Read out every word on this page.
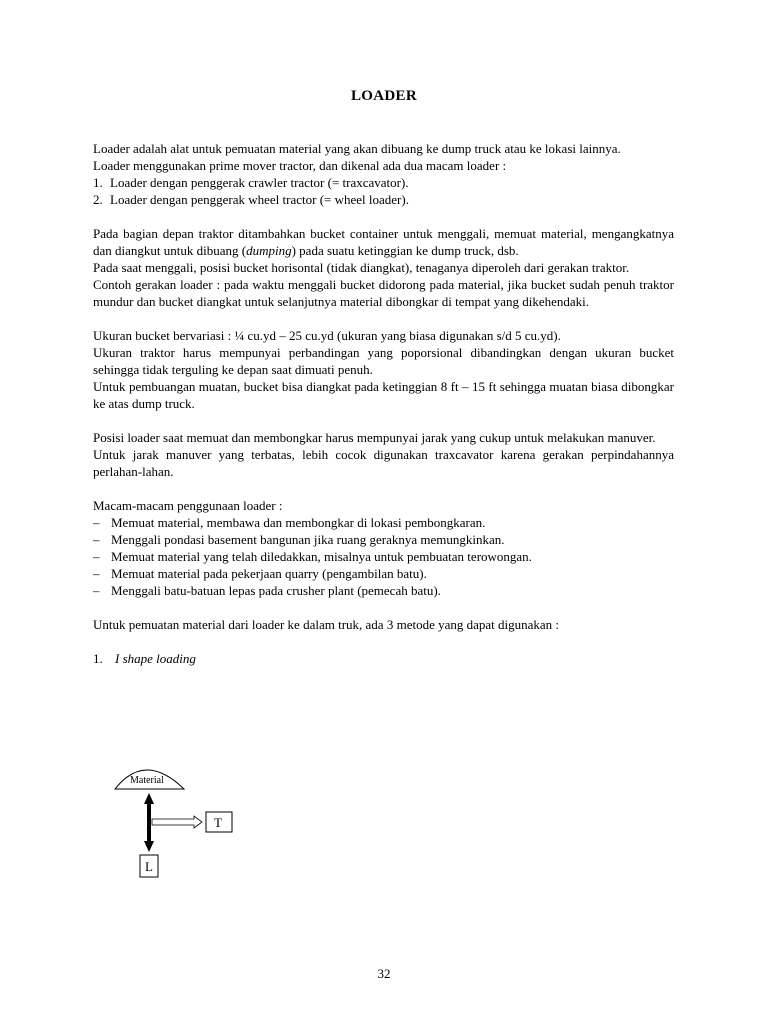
LOADER

Loader adalah alat untuk pemuatan material yang akan dibuang ke dump truck atau ke lokasi lainnya.

Loader menggunakan prime mover tractor, dan dikenal ada dua macam loader :

1. Loader dengan penggerak crawler tractor (= traxcavator).
2. Loader dengan penggerak wheel tractor (= wheel loader).

Pada bagian depan traktor ditambahkan bucket container untuk menggali, memuat material, mengangkatnya dan diangkut untuk dibuang (dumping) pada suatu ketinggian ke dump truck, dsb.

Pada saat menggali, posisi bucket horisontal (tidak diangkat), tenaganya diperoleh dari gerakan traktor.

Contoh gerakan loader : pada waktu menggali bucket didorong pada material, jika bucket sudah penuh traktor mundur dan bucket diangkat untuk selanjutnya material dibongkar di tempat yang dikehendaki.

Ukuran bucket bervariasi : ¼ cu.yd – 25 cu.yd (ukuran yang biasa digunakan s/d 5 cu.yd).

Ukuran traktor harus mempunyai perbandingan yang poporsional dibandingkan dengan ukuran bucket sehingga tidak terguling ke depan saat dimuati penuh.

Untuk pembuangan muatan, bucket bisa diangkat pada ketinggian 8 ft – 15 ft sehingga muatan biasa dibongkar ke atas dump truck.

Posisi loader saat memuat dan membongkar harus mempunyai jarak yang cukup untuk melakukan manuver.

Untuk jarak manuver yang terbatas, lebih cocok digunakan traxcavator karena gerakan perpindahannya perlahan-lahan.

Macam-macam penggunaan loader :

– Memuat material, membawa dan membongkar di lokasi pembongkaran.
– Menggali pondasi basement bangunan jika ruang geraknya memungkinkan.
– Memuat material yang telah diledakkan, misalnya untuk pembuatan terowongan.
– Memuat material pada pekerjaan quarry (pengambilan batu).
– Menggali batu-batuan lepas pada crusher plant (pemecah batu).

Untuk pemuatan material dari loader ke dalam truk, ada 3 metode yang dapat digunakan :

1. I shape loading
Material
T
L
32
